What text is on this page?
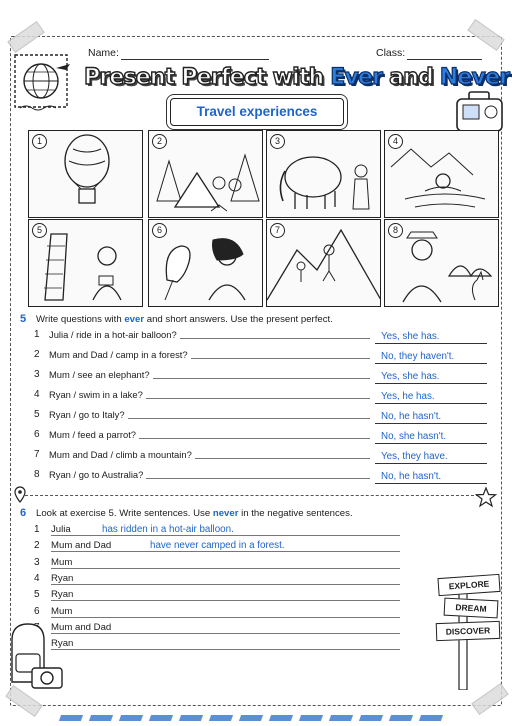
Name:	Class:
Present Perfect with Ever and Never
Travel experiences
1	2	3	4
5	6	7	8
5 Write questions with ever and short answers. Use the present perfect.
1 Julia / ride in a hot-air balloon?	Yes, she has.
2 Mum and Dad / camp in a forest?	No, they haven't.
3 Mum / see an elephant?	Yes, she has.
4 Ryan / swim in a lake?	Yes, he has.
5 Ryan / go to Italy?	No, he hasn't.
6 Mum / feed a parrot?	No, she hasn't.
7 Mum and Dad / climb a mountain?	Yes, they have.
8 Ryan / go to Australia?	No, he hasn't.
6 Look at exercise 5. Write sentences. Use never in the negative sentences.
1 Julia	has ridden in a hot-air balloon.
2 Mum and Dad	have never camped in a forest.
3 Mum
4 Ryan
5 Ryan
6 Mum
Mum and Dad
Ryan
EXPLORE
DREAM
DISCOVER
